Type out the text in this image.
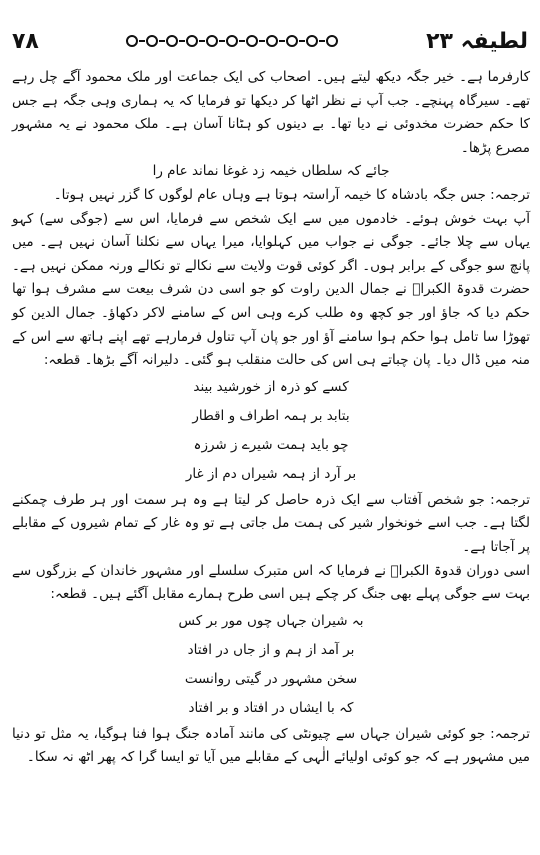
۷۸	لطیفہ ۲۳

کارفرما ہے۔ خیر جگہ دیکھ لیتے ہیں۔ اصحاب کی ایک جماعت اور ملک محمود آگے چل رہے تھے۔ سیرگاہ پہنچے۔ جب آپ نے نظر اٹھا کر دیکھا تو فرمایا کہ یہ ہماری وہی جگہ ہے جس کا حکم حضرت مخدوئی نے دیا تھا۔ بے دینوں کو ہٹانا آسان ہے۔ ملک محمود نے یہ مشہور مصرع پڑھا۔

جائے کہ سلطاں خیمہ زد غوغا نماند عام را

ترجمہ: جس جگہ بادشاہ کا خیمہ آراستہ ہوتا ہے وہاں عام لوگوں کا گزر نہیں ہوتا۔

آپ بہت خوش ہوئے۔ خادموں میں سے ایک شخص سے فرمایا، اس سے (جوگی سے) کہو یہاں سے چلا جائے۔ جوگی نے جواب میں کہلوایا، میرا یہاں سے نکلنا آسان نہیں ہے۔ میں پانچ سو جوگی کے برابر ہوں۔ اگر کوئی قوت ولایت سے نکالے تو نکالے ورنہ ممکن نہیں ہے۔ حضرت قدوۃ الکبراؒ نے جمال الدین راوت کو جو اسی دن شرف بیعت سے مشرف ہوا تھا حکم دیا کہ جاؤ اور جو کچھ وہ طلب کرے وہی اس کے سامنے لاکر دکھاؤ۔ جمال الدین کو تھوڑا سا تامل ہوا حکم ہوا سامنے آؤ اور جو پان آپ تناول فرمارہے تھے اپنے ہاتھ سے اس کے منہ میں ڈال دیا۔ پان چباتے ہی اس کی حالت منقلب ہو گئی۔ دلیرانہ آگے بڑھا۔ قطعہ:

کسے کو ذرہ از خورشید بیند
بتابد بر ہمہ اطراف و اقطار
چو باید ہمت شیرے ز شرزہ
بر آرد از ہمہ شیراں دم از غار

ترجمہ: جو شخص آفتاب سے ایک ذرہ حاصل کر لیتا ہے وہ ہر سمت اور ہر طرف چمکنے لگتا ہے۔ جب اسے خونخوار شیر کی ہمت مل جاتی ہے تو وہ غار کے تمام شیروں کے مقابلے پر آجاتا ہے۔

اسی دوران قدوۃ الکبراؒ نے فرمایا کہ اس متبرک سلسلے اور مشہور خاندان کے بزرگوں سے بہت سے جوگی پہلے بھی جنگ کر چکے ہیں اسی طرح ہمارے مقابل آگئے ہیں۔ قطعہ:

بہ شیران جہاں چوں مور بر کس
بر آمد از ہم و از جاں در افتاد
سخن مشہور در گیتی روانست
کہ با ایشاں در افتاد و بر افتاد

ترجمہ: جو کوئی شیران جہاں سے چیونٹی کی مانند آمادہ جنگ ہوا فنا ہوگیا، یہ مثل تو دنیا میں مشہور ہے کہ جو کوئی اولیائے الٰہی کے مقابلے میں آیا تو ایسا گرا کہ پھر اٹھ نہ سکا۔
